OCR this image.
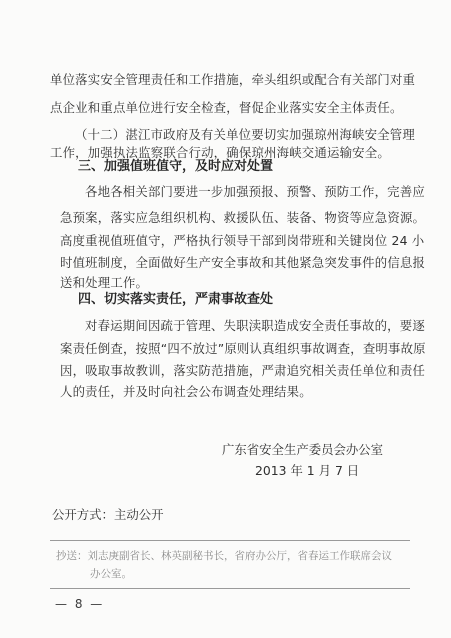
单位落实安全管理责任和工作措施，牵头组织或配合有关部门对重
点企业和重点单位进行安全检查，督促企业落实安全主体责任。
（十二）湛江市政府及有关单位要切实加强琼州海峡安全管理
工作，加强执法监察联合行动，确保琼州海峡交通运输安全。
三、加强值班值守，及时应对处置
各地各相关部门要进一步加强预报、预警、预防工作，完善应
急预案，落实应急组织机构、救援队伍、装备、物资等应急资源。
高度重视值班值守，严格执行领导干部到岗带班和关键岗位 24 小
时值班制度，全面做好生产安全事故和其他紧急突发事件的信息报
送和处理工作。
四、切实落实责任，严肃事故查处
对春运期间因疏于管理、失职渎职造成安全责任事故的，要逐
案责任倒查，按照“四不放过”原则认真组织事故调查，查明事故原
因，吸取事故教训，落实防范措施，严肃追究相关责任单位和责任
人的责任，并及时向社会公布调查处理结果。
广东省安全生产委员会办公室
2013 年 1 月 7 日
公开方式：主动公开
抄送：刘志庚副省长、林英副秘书长，省府办公厅，省春运工作联席会议
办公室。
— 8 —
